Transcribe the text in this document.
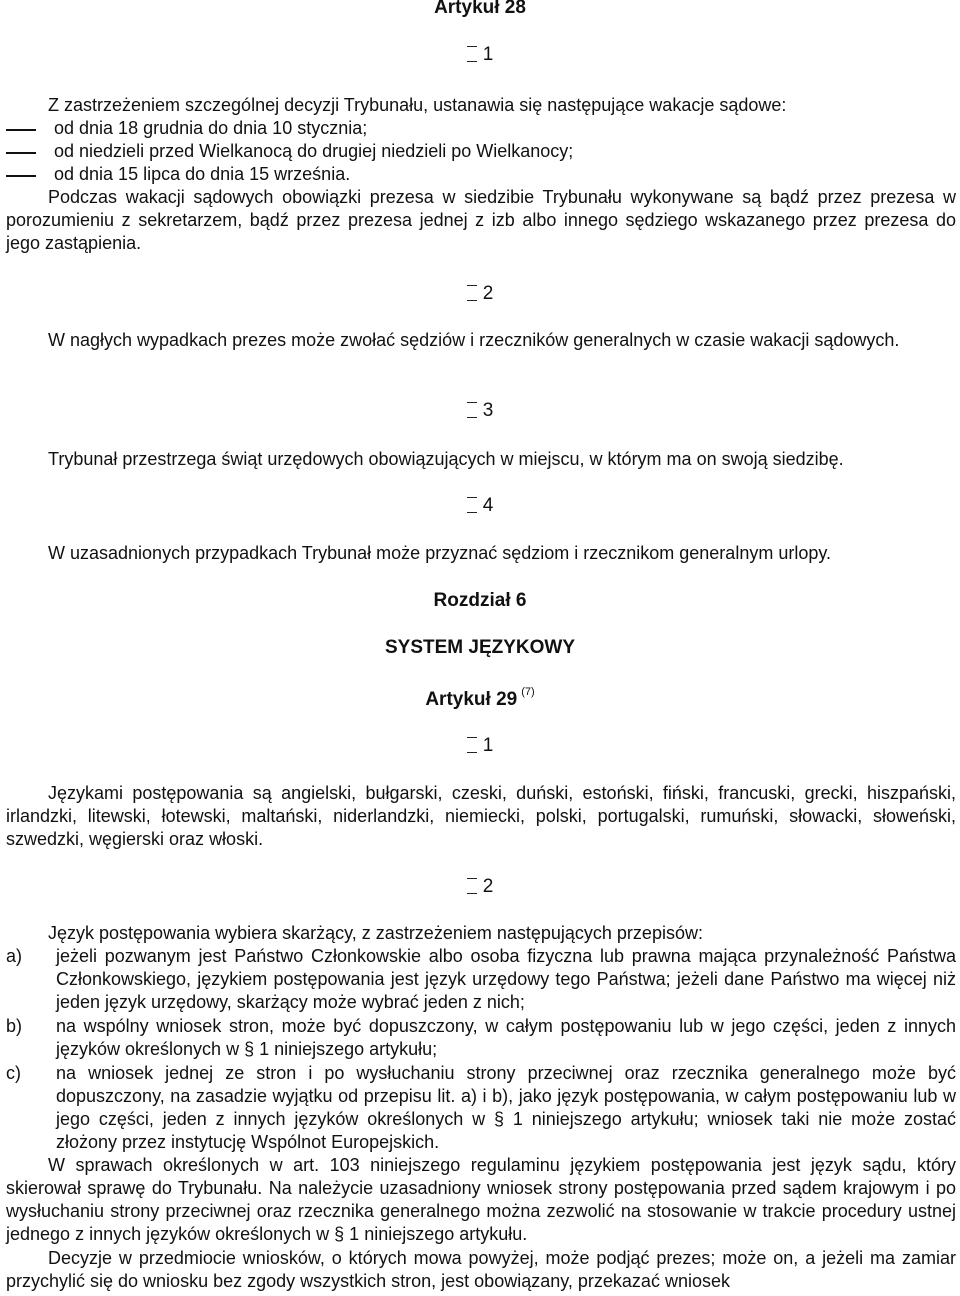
Artykuł 28
1
Z zastrzeżeniem szczególnej decyzji Trybunału, ustanawia się następujące wakacje sądowe:
od dnia 18 grudnia do dnia 10 stycznia;
od niedzieli przed Wielkanocą do drugiej niedzieli po Wielkanocy;
od dnia 15 lipca do dnia 15 września.
Podczas wakacji sądowych obowiązki prezesa w siedzibie Trybunału wykonywane są bądź przez prezesa w porozumieniu z sekretarzem, bądź przez prezesa jednej z izb albo innego sędziego wskazanego przez prezesa do jego zastąpienia.
2
W nagłych wypadkach prezes może zwołać sędziów i rzeczników generalnych w czasie wakacji sądowych.
3
Trybunał przestrzega świąt urzędowych obowiązujących w miejscu, w którym ma on swoją siedzibę.
4
W uzasadnionych przypadkach Trybunał może przyznać sędziom i rzecznikom generalnym urlopy.
Rozdział 6
SYSTEM JĘZYKOWY
Artykuł 29 $^{(7)}$
1
Językami postępowania są angielski, bułgarski, czeski, duński, estoński, fiński, francuski, grecki, hiszpański, irlandzki, litewski, łotewski, maltański, niderlandzki, niemiecki, polski, portugalski, rumuński, słowacki, słoweński, szwedzki, węgierski oraz włoski.
2
Język postępowania wybiera skarżący, z zastrzeżeniem następujących przepisów:
a)	jeżeli pozwanym jest Państwo Członkowskie albo osoba fizyczna lub prawna mająca przynależność Państwa Członkowskiego, językiem postępowania jest język urzędowy tego Państwa; jeżeli dane Państwo ma więcej niż jeden język urzędowy, skarżący może wybrać jeden z nich;
b)	na wspólny wniosek stron, może być dopuszczony, w całym postępowaniu lub w jego części, jeden z innych języków określonych w § 1 niniejszego artykułu;
c)	na wniosek jednej ze stron i po wysłuchaniu strony przeciwnej oraz rzecznika generalnego może być dopuszczony, na zasadzie wyjątku od przepisu lit. a) i b), jako język postępowania, w całym postępowaniu lub w jego części, jeden z innych języków określonych w § 1 niniejszego artykułu; wniosek taki nie może zostać złożony przez instytucję Wspólnot Europejskich.
W sprawach określonych w art. 103 niniejszego regulaminu językiem postępowania jest język sądu, który skierował sprawę do Trybunału. Na należycie uzasadniony wniosek strony postępowania przed sądem krajowym i po wysłuchaniu strony przeciwnej oraz rzecznika generalnego można zezwolić na stosowanie w trakcie procedury ustnej jednego z innych języków określonych w § 1 niniejszego artykułu.
Decyzje w przedmiocie wniosków, o których mowa powyżej, może podjąć prezes; może on, a jeżeli ma zamiar przychylić się do wniosku bez zgody wszystkich stron, jest obowiązany, przekazać wniosek
